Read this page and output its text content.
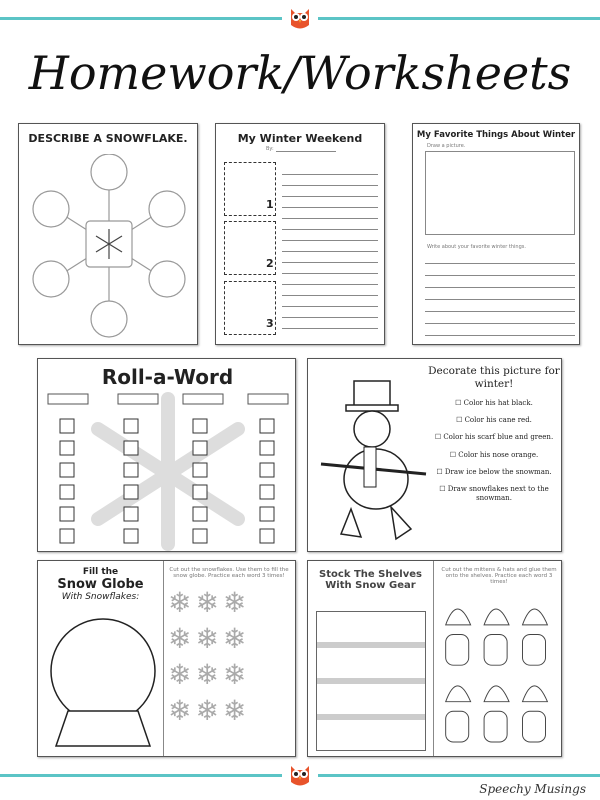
Homework/Worksheets
DESCRIBE A SNOWFLAKE.	My Winter Weekend
By:
1
2
3
My Favorite Things About Winter
Draw a picture.
Write about your favorite winter things.
Roll-a-Word	Decorate this picture for winter!
☐ Color his hat black.
☐ Color his cane red.
☐ Color his scarf blue and green.
☐ Color his nose orange.
☐ Draw ice below the snowman.
☐ Draw snowflakes next to the snowman.
Fill the
Snow Globe
With Snowflakes:
Cut out the snowflakes. Use them to fill the snow globe. Practice each word 3 times!
❄❄❄
❄❄❄
❄❄❄
❄❄❄
Stock The Shelves
With Snow Gear
Cut out the mittens & hats and glue them onto the shelves. Practice each word 3 times!
Speechy Musings
